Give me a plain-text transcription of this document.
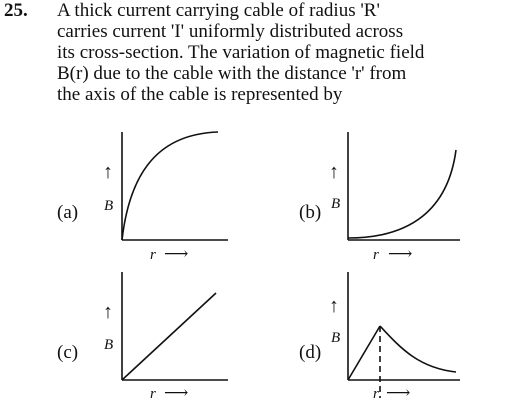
25. A thick current carrying cable of radius 'R'
carries current 'I' uniformly distributed across
its cross-section. The variation of magnetic field
B(r) due to the cable with the distance 'r' from
the axis of the cable is represented by
(a)	(b)
(c)	(d)
↑
B
r ⟶
↑
B
r ⟶
↑
B
r ⟶
↑
B
r ⟶
